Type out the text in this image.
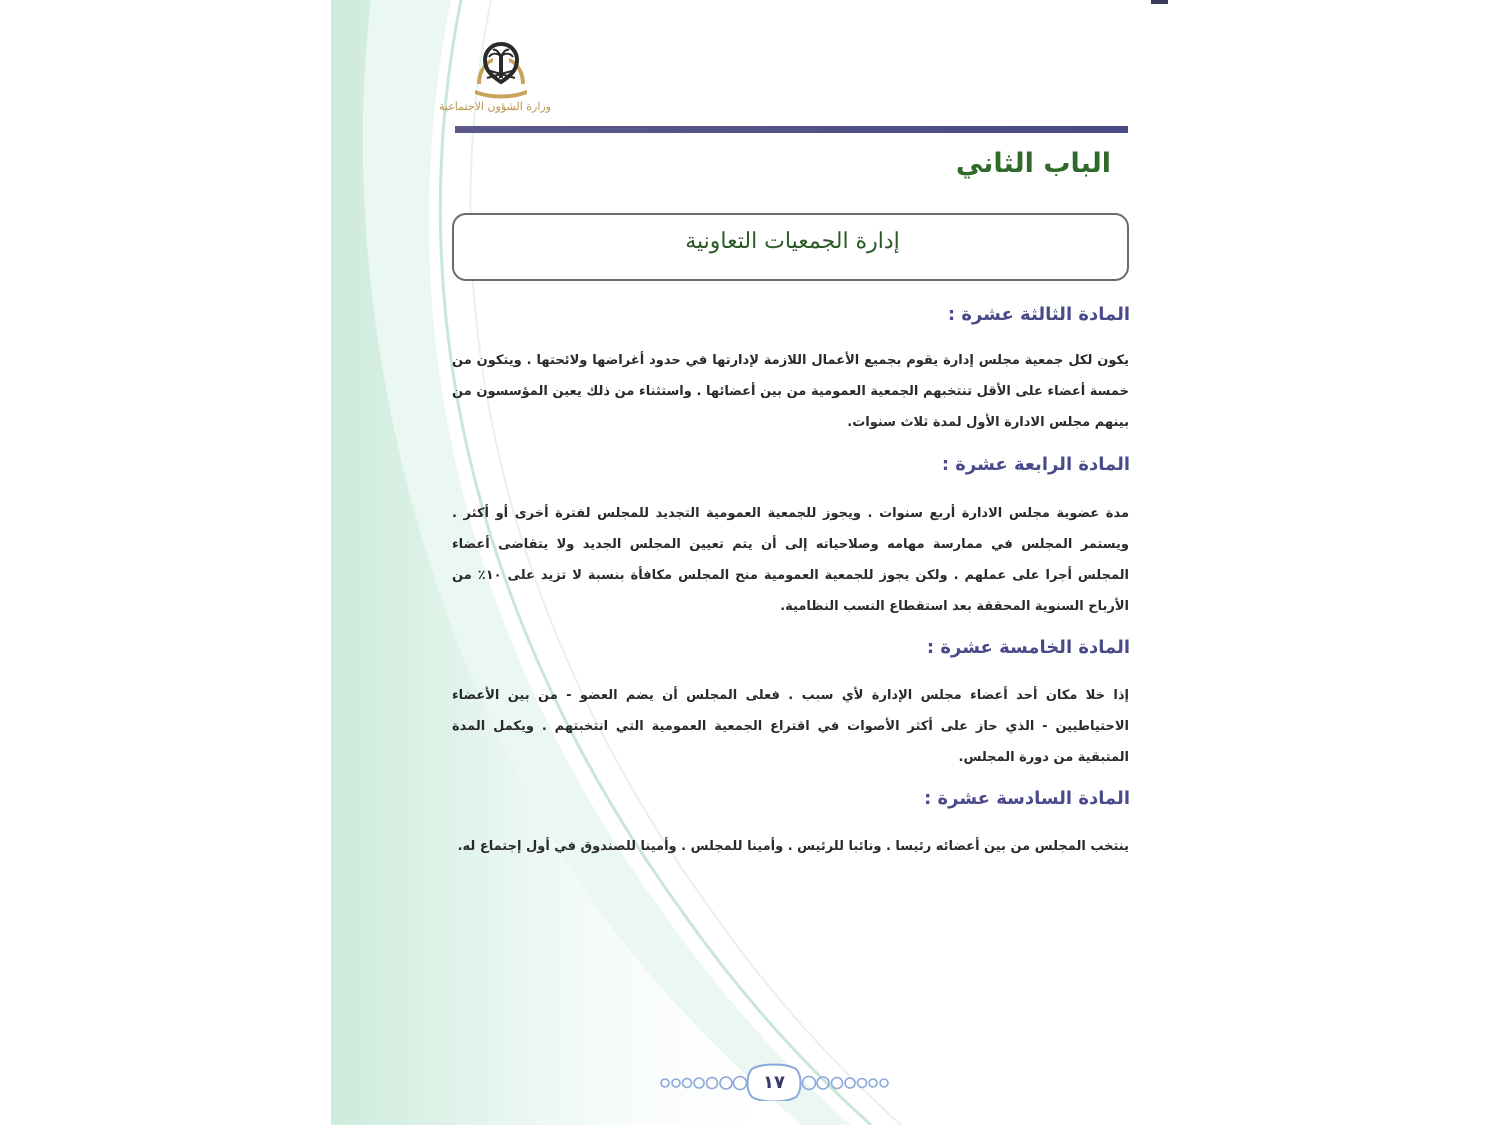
وزارة الشؤون الاجتماعية
الباب الثاني
إدارة الجمعيات التعاونية
المادة الثالثة عشرة :

يكون لكل جمعية مجلس إدارة يقوم بجميع الأعمال اللازمة لإدارتها في حدود أغراضها ولائحتها . ويتكون من خمسة أعضاء على الأقل تنتخبهم الجمعية العمومية من بين أعضائها . واستثناء من ذلك يعين المؤسسون من بينهم مجلس الادارة الأول لمدة ثلاث سنوات.

المادة الرابعة عشرة :

مدة عضوية مجلس الادارة أربع سنوات . ويجوز للجمعية العمومية التجديد للمجلس لفترة أخرى أو أكثر . ويستمر المجلس في ممارسة مهامه وصلاحياته إلى أن يتم تعيين المجلس الجديد ولا يتقاضى أعضاء المجلس أجرا على عملهم . ولكن يجوز للجمعية العمومية منح المجلس مكافأة بنسبة لا تزيد على ١٠٪ من الأرباح السنوية المحققة بعد استقطاع النسب النظامية.

المادة الخامسة عشرة :

إذا خلا مكان أحد أعضاء مجلس الإدارة لأي سبب . فعلى المجلس أن يضم العضو - من بين الأعضاء الاحتياطيين - الذي حاز على أكثر الأصوات في اقتراع الجمعية العمومية التي انتخبتهم . ويكمل المدة المتبقية من دورة المجلس.

المادة السادسة عشرة :

ينتخب المجلس من بين أعضائه رئيسا . ونائبا للرئيس . وأمينا للمجلس . وأمينا للصندوق في أول إجتماع له.

١٧
